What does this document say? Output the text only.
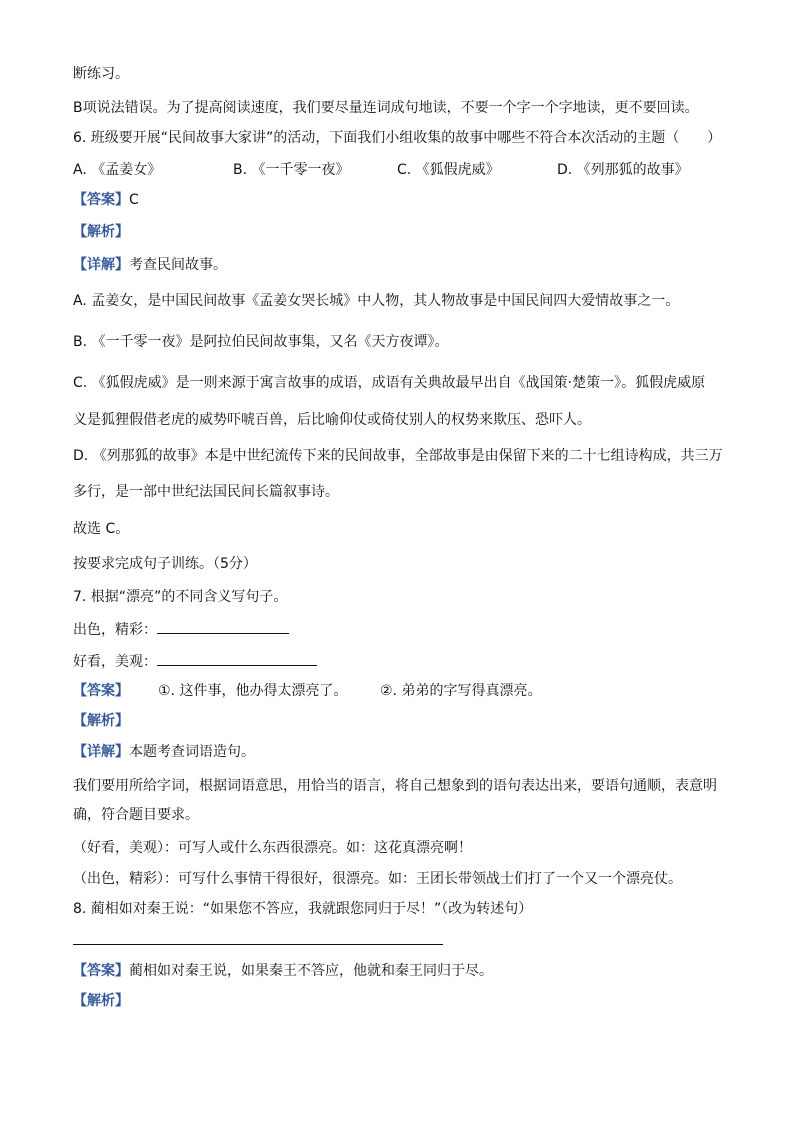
断练习。
B项说法错误。为了提高阅读速度，我们要尽量连词成句地读，不要一个字一个字地读，更不要回读。
6. 班级要开展“民间故事大家讲”的活动，下面我们小组收集的故事中哪些不符合本次活动的主题（　　）
A. 《孟姜女》	B. 《一千零一夜》	C. 《狐假虎威》	D. 《列那狐的故事》
【答案】C
【解析】
【详解】考查民间故事。
A. 孟姜女，是中国民间故事《孟姜女哭长城》中人物，其人物故事是中国民间四大爱情故事之一。
B. 《一千零一夜》是阿拉伯民间故事集，又名《天方夜谭》。
C. 《狐假虎威》是一则来源于寓言故事的成语，成语有关典故最早出自《战国策·楚策一》。狐假虎威原
义是狐狸假借老虎的威势吓唬百兽，后比喻仰仗或倚仗别人的权势来欺压、恐吓人。
D. 《列那狐的故事》本是中世纪流传下来的民间故事，全部故事是由保留下来的二十七组诗构成，共三万
多行，是一部中世纪法国民间长篇叙事诗。
故选 C。
按要求完成句子训练。（5分）
7. 根据“漂亮”的不同含义写句子。
出色，精彩：
好看，美观：
【答案】 ①. 这件事，他办得太漂亮了。 ②. 弟弟的字写得真漂亮。
【解析】
【详解】本题考查词语造句。
我们要用所给字词，根据词语意思，用恰当的语言，将自己想象到的语句表达出来，要语句通顺，表意明
确，符合题目要求。
（好看，美观）：可写人或什么东西很漂亮。如：这花真漂亮啊！
（出色，精彩）：可写什么事情干得很好，很漂亮。如：王团长带领战士们打了一个又一个漂亮仗。
8. 蔺相如对秦王说：“如果您不答应，我就跟您同归于尽！”（改为转述句）
【答案】蔺相如对秦王说，如果秦王不答应，他就和秦王同归于尽。
【解析】
